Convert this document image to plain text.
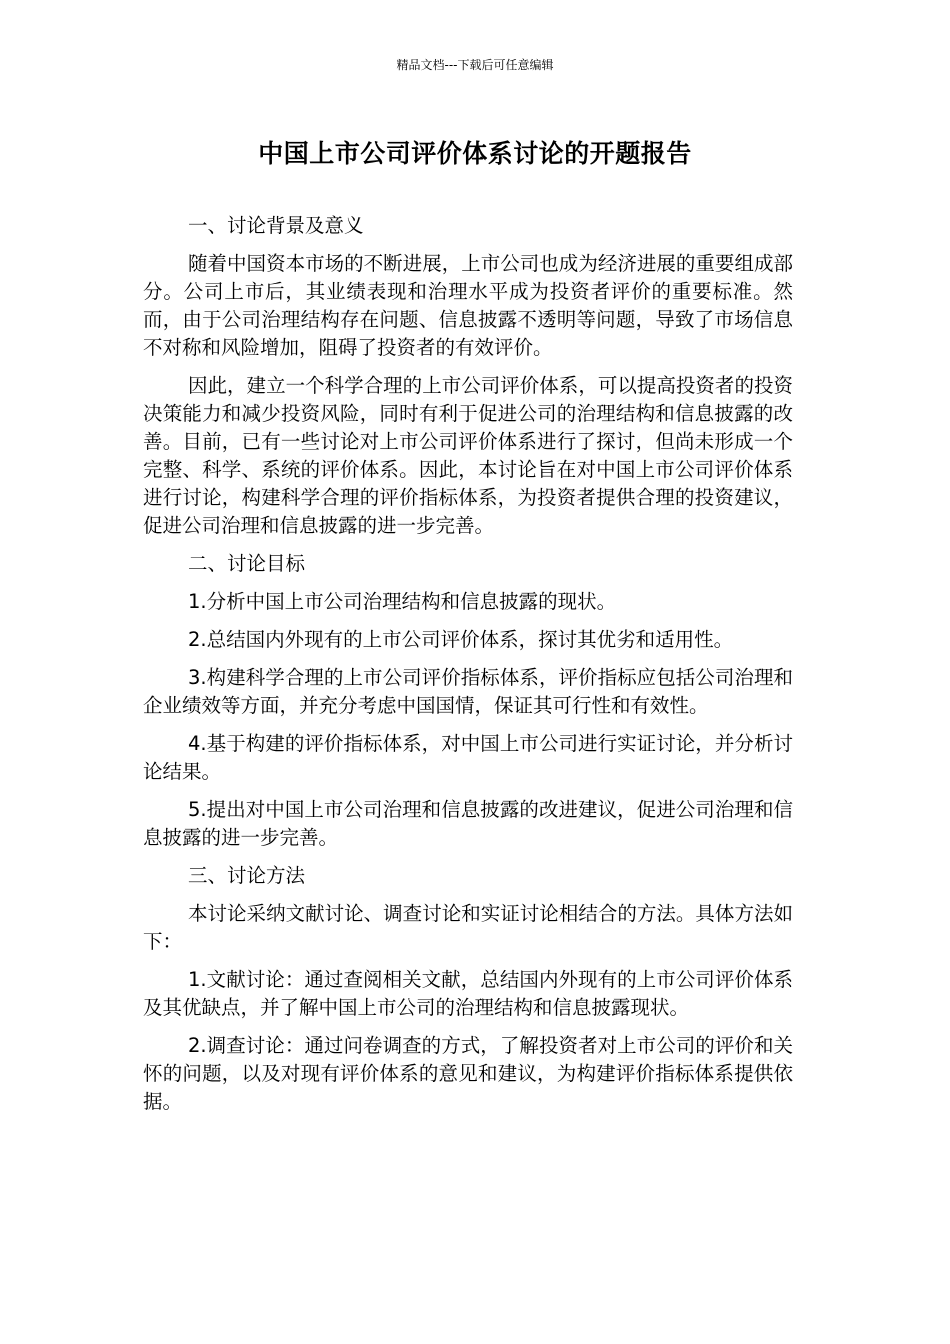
精品文档---下载后可任意编辑
中国上市公司评价体系讨论的开题报告

一、讨论背景及意义

随着中国资本市场的不断进展，上市公司也成为经济进展的重要组成部分。公司上市后，其业绩表现和治理水平成为投资者评价的重要标准。然而，由于公司治理结构存在问题、信息披露不透明等问题，导致了市场信息不对称和风险增加，阻碍了投资者的有效评价。

因此，建立一个科学合理的上市公司评价体系，可以提高投资者的投资决策能力和减少投资风险，同时有利于促进公司的治理结构和信息披露的改善。目前，已有一些讨论对上市公司评价体系进行了探讨，但尚未形成一个完整、科学、系统的评价体系。因此，本讨论旨在对中国上市公司评价体系进行讨论，构建科学合理的评价指标体系，为投资者提供合理的投资建议，促进公司治理和信息披露的进一步完善。

二、讨论目标

1.分析中国上市公司治理结构和信息披露的现状。

2.总结国内外现有的上市公司评价体系，探讨其优劣和适用性。

3.构建科学合理的上市公司评价指标体系，评价指标应包括公司治理和企业绩效等方面，并充分考虑中国国情，保证其可行性和有效性。

4.基于构建的评价指标体系，对中国上市公司进行实证讨论，并分析讨论结果。

5.提出对中国上市公司治理和信息披露的改进建议，促进公司治理和信息披露的进一步完善。

三、讨论方法

本讨论采纳文献讨论、调查讨论和实证讨论相结合的方法。具体方法如下：

1.文献讨论：通过查阅相关文献，总结国内外现有的上市公司评价体系及其优缺点，并了解中国上市公司的治理结构和信息披露现状。

2.调查讨论：通过问卷调查的方式，了解投资者对上市公司的评价和关怀的问题，以及对现有评价体系的意见和建议，为构建评价指标体系提供依据。
